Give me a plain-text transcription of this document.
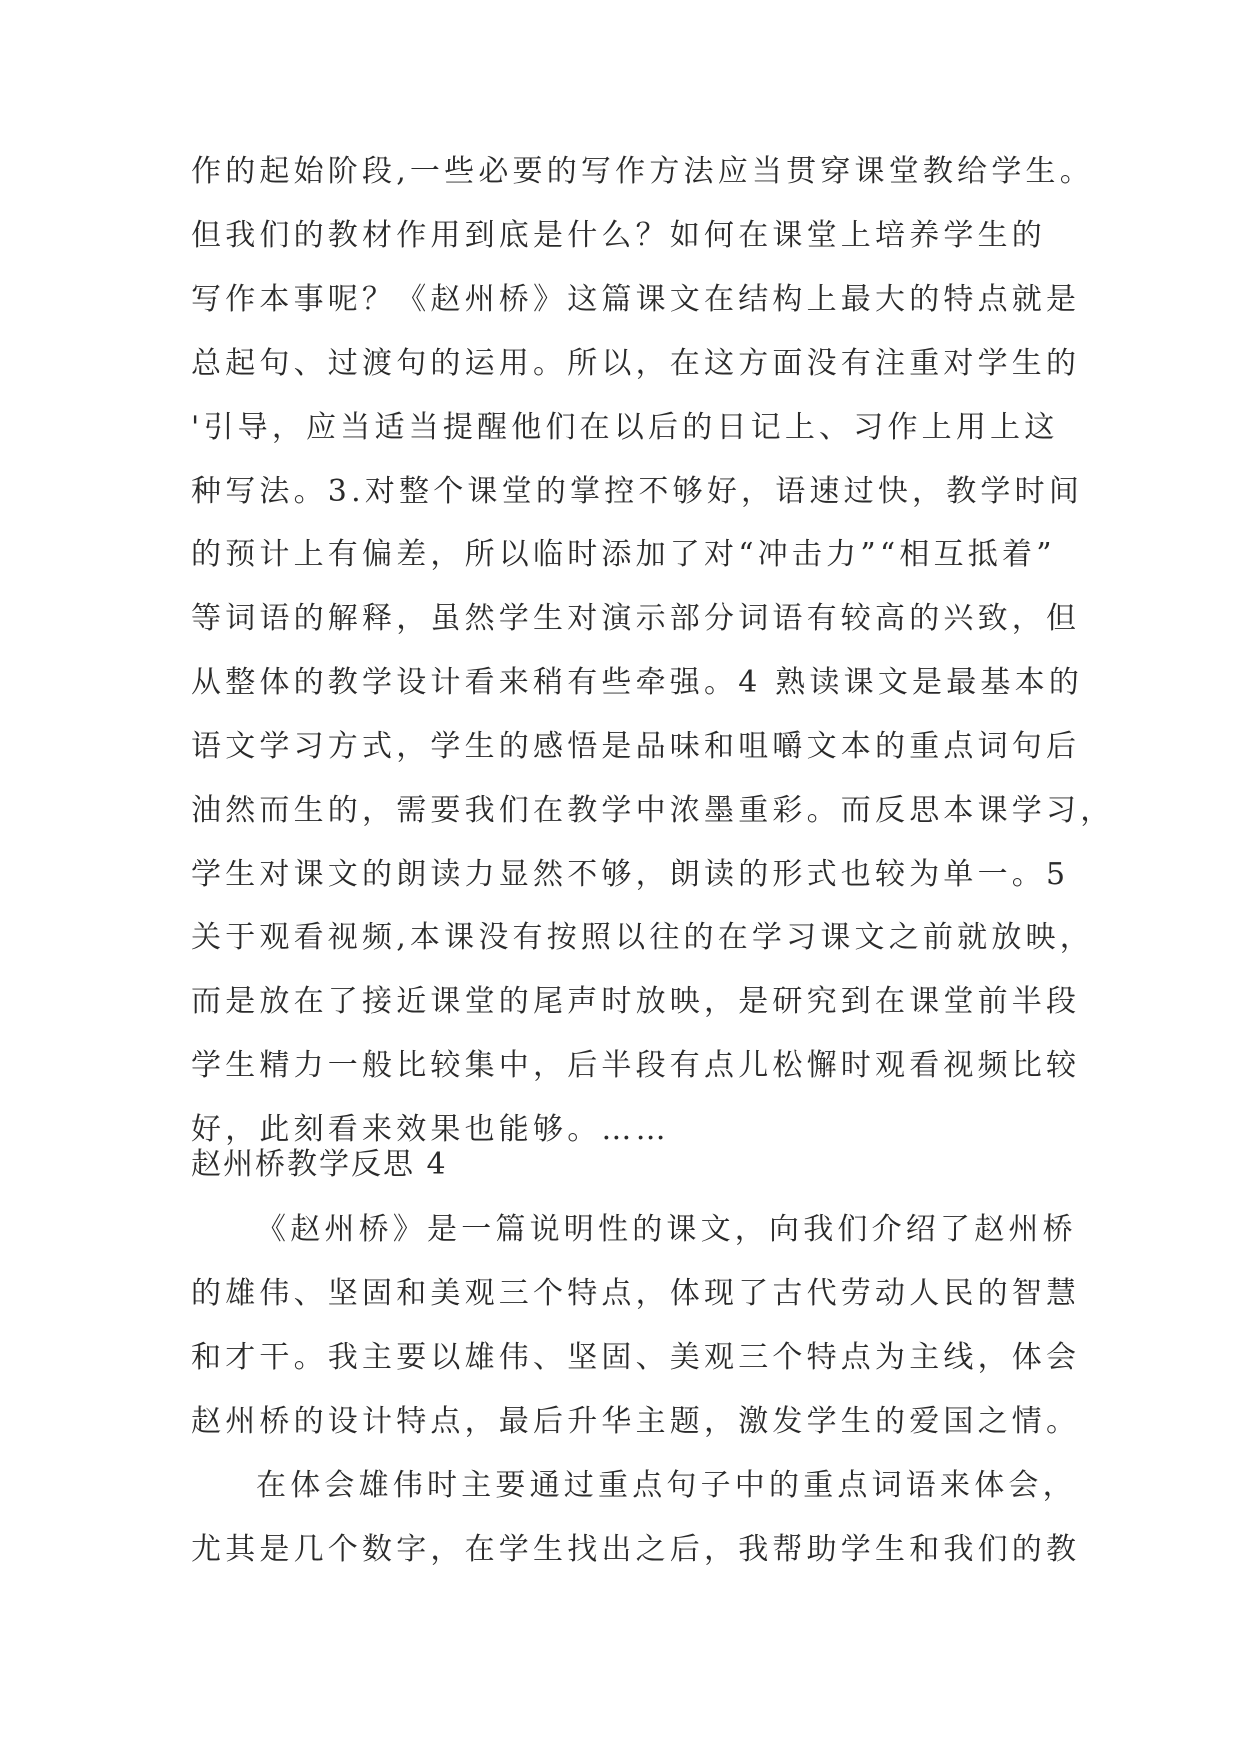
作的起始阶段,一些必要的写作方法应当贯穿课堂教给学生。
但我们的教材作用到底是什么？如何在课堂上培养学生的
写作本事呢？《赵州桥》这篇课文在结构上最大的特点就是
总起句、过渡句的运用。所以，在这方面没有注重对学生的
'引导，应当适当提醒他们在以后的日记上、习作上用上这
种写法。3.对整个课堂的掌控不够好，语速过快，教学时间
的预计上有偏差，所以临时添加了对“冲击力”“相互抵着”
等词语的解释，虽然学生对演示部分词语有较高的兴致，但
从整体的教学设计看来稍有些牵强。4 熟读课文是最基本的
语文学习方式，学生的感悟是品味和咀嚼文本的重点词句后
油然而生的，需要我们在教学中浓墨重彩。而反思本课学习，
学生对课文的朗读力显然不够，朗读的形式也较为单一。5
关于观看视频,本课没有按照以往的在学习课文之前就放映，
而是放在了接近课堂的尾声时放映，是研究到在课堂前半段
学生精力一般比较集中，后半段有点儿松懈时观看视频比较
好，此刻看来效果也能够。……
赵州桥教学反思 4
《赵州桥》是一篇说明性的课文，向我们介绍了赵州桥
的雄伟、坚固和美观三个特点，体现了古代劳动人民的智慧
和才干。我主要以雄伟、坚固、美观三个特点为主线，体会
赵州桥的设计特点，最后升华主题，激发学生的爱国之情。
在体会雄伟时主要通过重点句子中的重点词语来体会，
尤其是几个数字，在学生找出之后，我帮助学生和我们的教
